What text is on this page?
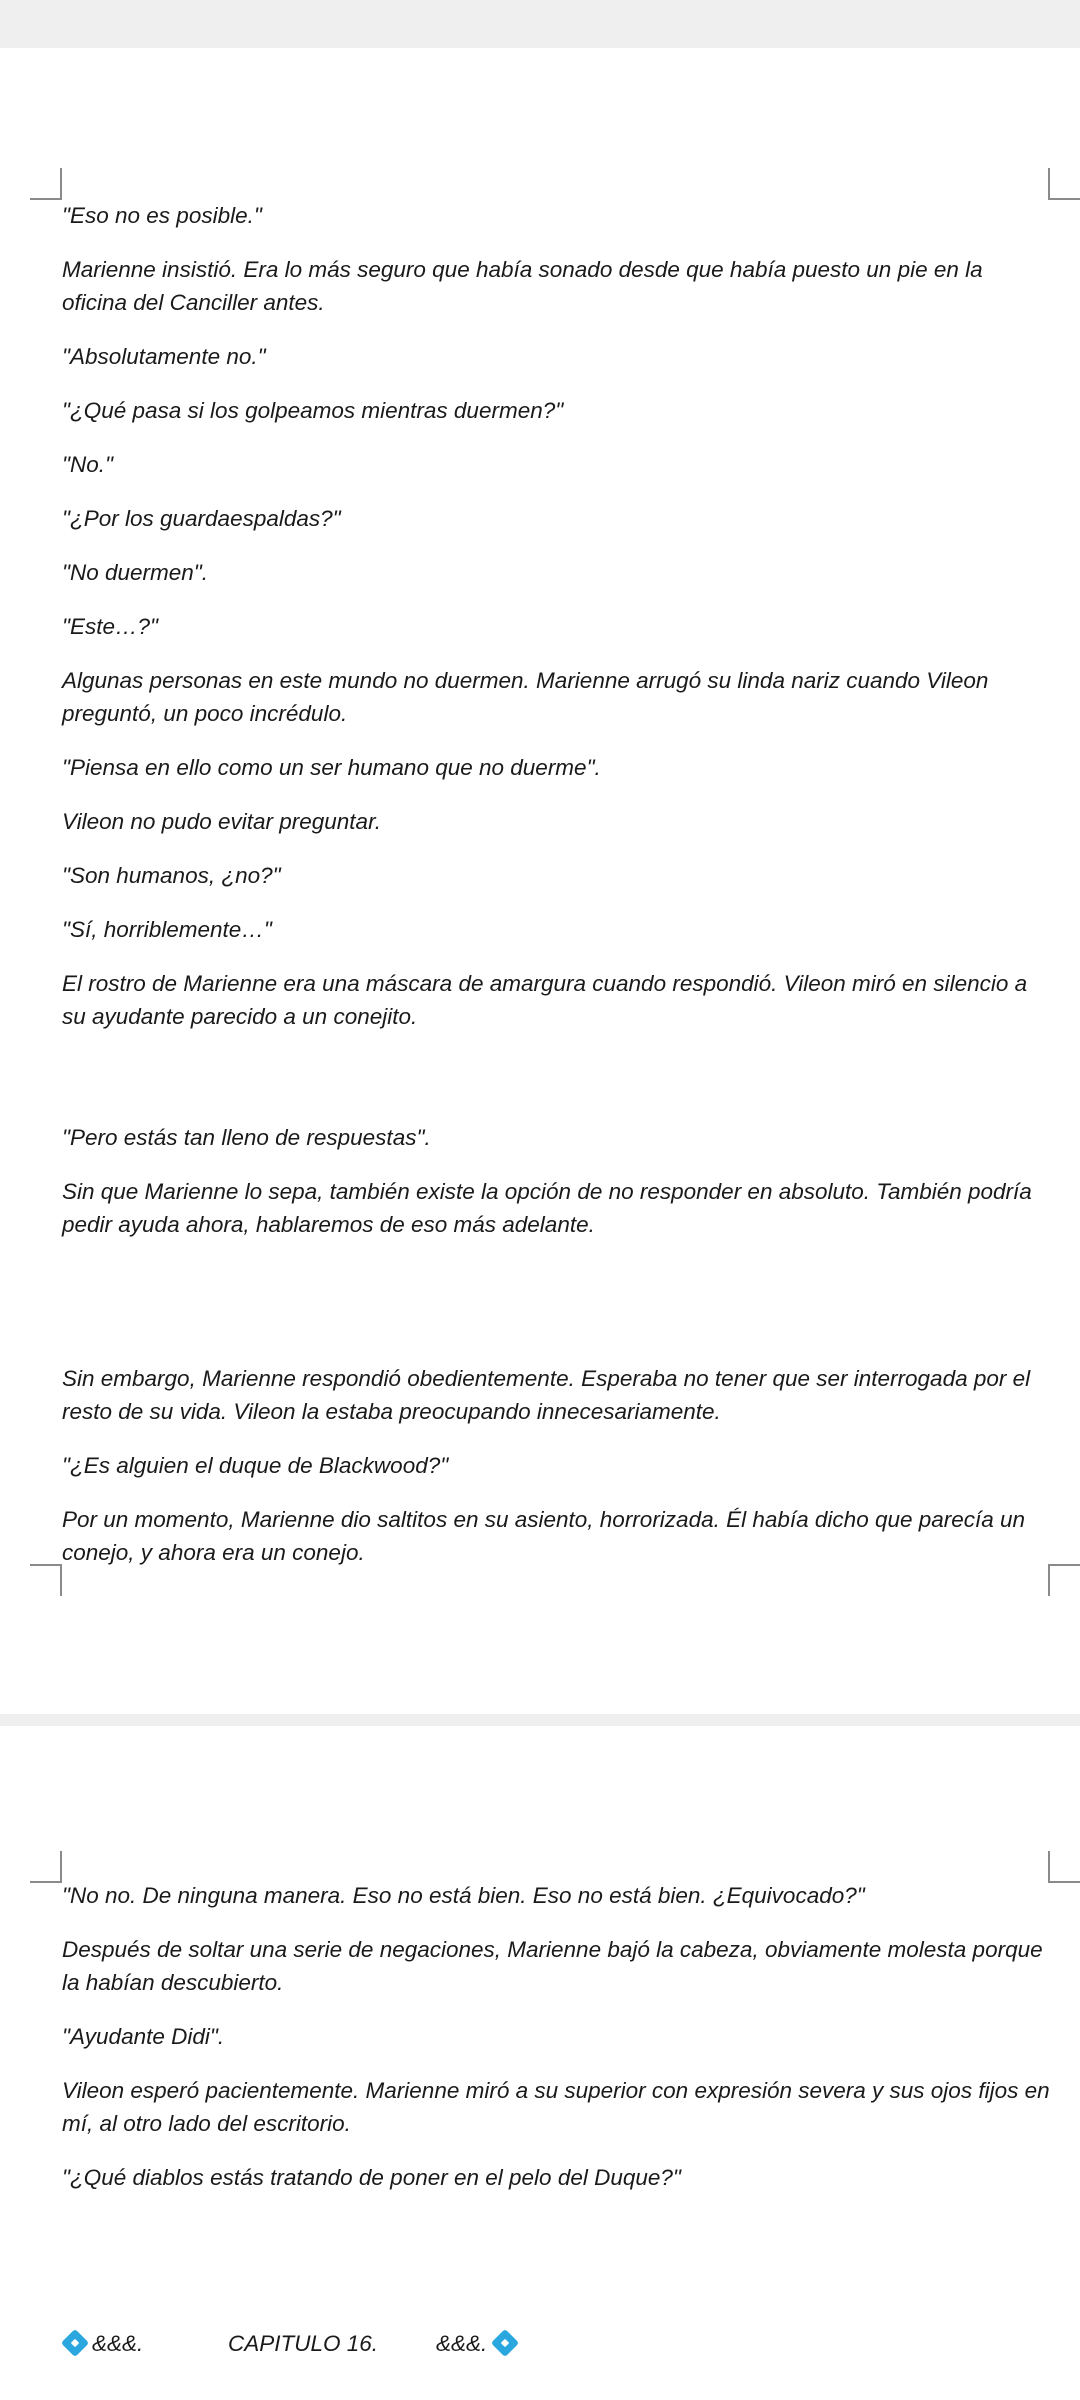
"Eso no es posible."

Marienne insistió. Era lo más seguro que había sonado desde que había puesto un pie en la oficina del Canciller antes.

"Absolutamente no."

"¿Qué pasa si los golpeamos mientras duermen?"

"No."

"¿Por los guardaespaldas?"

"No duermen".

"Este…?"

Algunas personas en este mundo no duermen. Marienne arrugó su linda nariz cuando Vileon preguntó, un poco incrédulo.

"Piensa en ello como un ser humano que no duerme".

Vileon no pudo evitar preguntar.

"Son humanos, ¿no?"

"Sí, horriblemente…"

El rostro de Marienne era una máscara de amargura cuando respondió. Vileon miró en silencio a su ayudante parecido a un conejito.

"Pero estás tan lleno de respuestas".

Sin que Marienne lo sepa, también existe la opción de no responder en absoluto. También podría pedir ayuda ahora, hablaremos de eso más adelante.

Sin embargo, Marienne respondió obedientemente. Esperaba no tener que ser interrogada por el resto de su vida. Vileon la estaba preocupando innecesariamente.

"¿Es alguien el duque de Blackwood?"

Por un momento, Marienne dio saltitos en su asiento, horrorizada. Él había dicho que parecía un conejo, y ahora era un conejo.

"No no. De ninguna manera. Eso no está bien. Eso no está bien. ¿Equivocado?"

Después de soltar una serie de negaciones, Marienne bajó la cabeza, obviamente molesta porque la habían descubierto.

"Ayudante Didi".

Vileon esperó pacientemente. Marienne miró a su superior con expresión severa y sus ojos fijos en mí, al otro lado del escritorio.

"¿Qué diablos estás tratando de poner en el pelo del Duque?"

&&&.	CAPITULO 16.	&&&.
